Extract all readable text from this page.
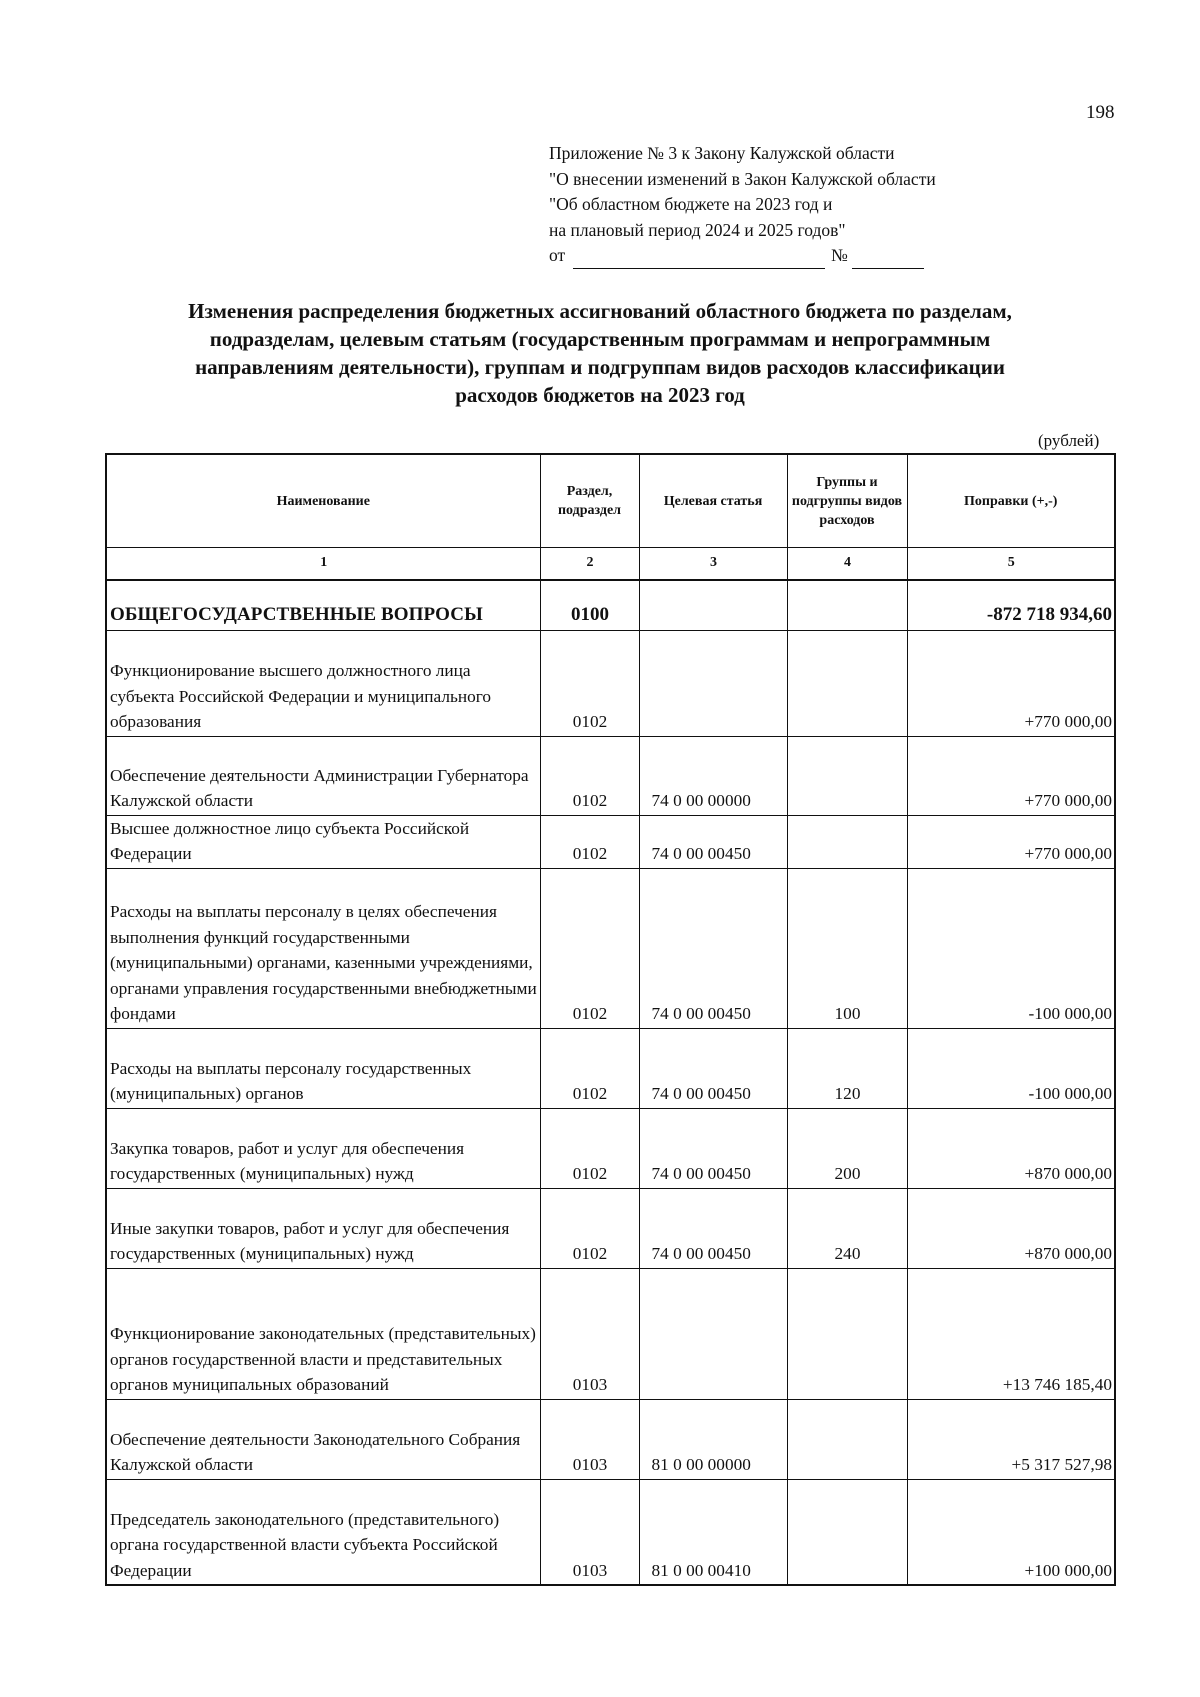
198
Приложение № 3 к Закону Калужской области
"О внесении изменений в Закон Калужской области
"Об областном бюджете на 2023 год и
на плановый период 2024 и 2025 годов"
от	№
Изменения распределения бюджетных ассигнований областного бюджета по разделам,
подразделам, целевым статьям (государственным программам и непрограммным
направлениям деятельности), группам и подгруппам видов расходов классификации
расходов бюджетов на 2023 год
(рублей)
Наименование	Раздел, подраздел	Целевая статья	Группы и подгруппы видов расходов	Поправки (+,-)
1	2	3	4	5
ОБЩЕГОСУДАРСТВЕННЫЕ ВОПРОСЫ	0100			-872 718 934,60
Функционирование высшего должностного лица субъекта Российской Федерации и муниципального образования	0102			+770 000,00
Обеспечение деятельности Администрации Губернатора Калужской области	0102	74 0 00 00000		+770 000,00
Высшее должностное лицо субъекта Российской Федерации	0102	74 0 00 00450		+770 000,00
Расходы на выплаты персоналу в целях обеспечения выполнения функций государственными (муниципальными) органами, казенными учреждениями, органами управления государственными внебюджетными фондами	0102	74 0 00 00450	100	-100 000,00
Расходы на выплаты персоналу государственных (муниципальных) органов	0102	74 0 00 00450	120	-100 000,00
Закупка товаров, работ и услуг для обеспечения государственных (муниципальных) нужд	0102	74 0 00 00450	200	+870 000,00
Иные закупки товаров, работ и услуг для обеспечения государственных (муниципальных) нужд	0102	74 0 00 00450	240	+870 000,00
Функционирование законодательных (представительных) органов государственной власти и представительных органов муниципальных образований	0103			+13 746 185,40
Обеспечение деятельности Законодательного Собрания Калужской области	0103	81 0 00 00000		+5 317 527,98
Председатель законодательного (представительного) органа государственной власти субъекта Российской Федерации	0103	81 0 00 00410		+100 000,00
